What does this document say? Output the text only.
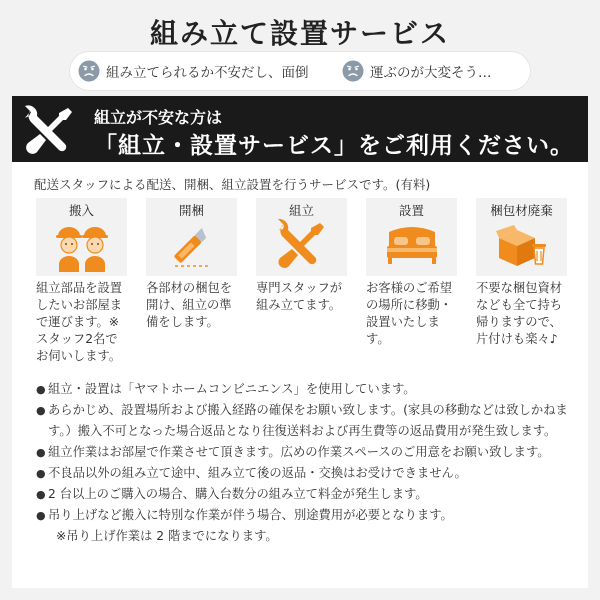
組み立て設置サービス
組み立てられるか不安だし、面倒	運ぶのが大変そう…
組立が不安な方は
「組立・設置サービス」をご利用ください。
配送スタッフによる配送、開梱、組立設置を行うサービスです。(有料)
搬入
組立部品を設置したいお部屋まで運びます。※スタッフ2名でお伺いします。
開梱
各部材の梱包を開け、組立の準備をします。
組立
専門スタッフが組み立てます。
設置
お客様のご希望の場所に移動・設置いたします。
梱包材廃棄
不要な梱包資材なども全て持ち帰りますので、片付けも楽々♪
● 組立・設置は「ヤマトホームコンビニエンス」を使用しています。
● あらかじめ、設置場所および搬入経路の確保をお願い致します。(家具の移動などは致しかねます。）搬入不可となった場合返品となり往復送料および再生費等の返品費用が発生致します。
● 組立作業はお部屋で作業させて頂きます。広めの作業スペースのご用意をお願い致します。
● 不良品以外の組み立て途中、組み立て後の返品・交換はお受けできません。
● 2 台以上のご購入の場合、購入台数分の組み立て料金が発生します。
● 吊り上げなど搬入に特別な作業が伴う場合、別途費用が必要となります。
※吊り上げ作業は 2 階までになります。
